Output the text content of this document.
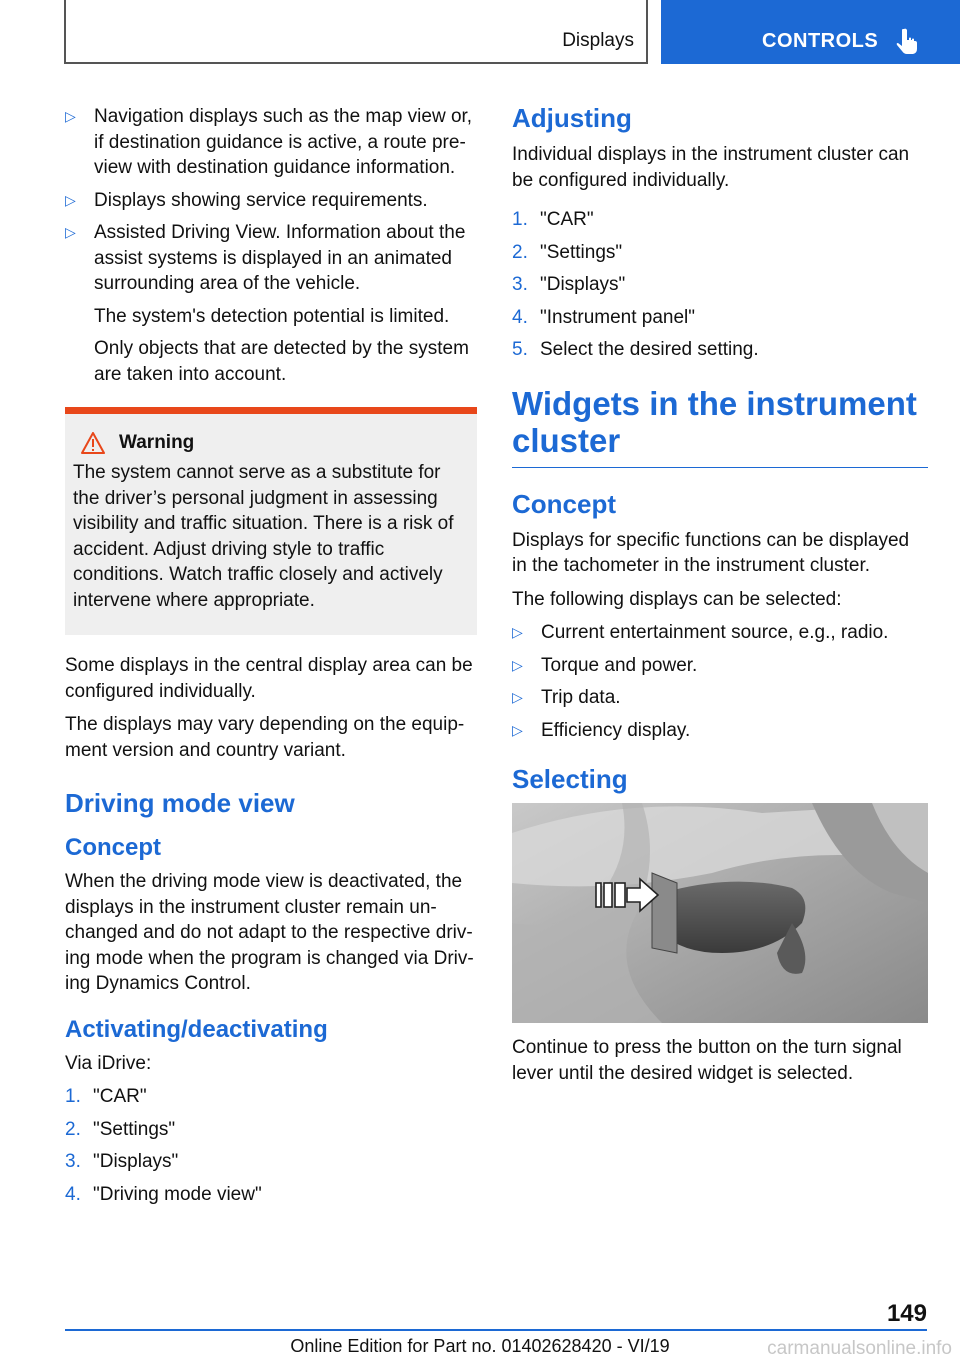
Displays	CONTROLS
▷ Navigation displays such as the map view or, if destination guidance is active, a route preview with destination guidance information.
▷ Displays showing service requirements.
▷ Assisted Driving View. Information about the assist systems is displayed in an animated surrounding area of the vehicle.
The system's detection potential is limited.
Only objects that are detected by the system are taken into account.
Warning
The system cannot serve as a substitute for the driver’s personal judgment in assessing visibility and traffic situation. There is a risk of accident. Adjust driving style to traffic conditions. Watch traffic closely and actively intervene where appropriate.

Some displays in the central display area can be configured individually.

The displays may vary depending on the equipment version and country variant.

Driving mode view
Concept

When the driving mode view is deactivated, the displays in the instrument cluster remain unchanged and do not adapt to the respective driving mode when the program is changed via Driving Dynamics Control.

Activating/deactivating

Via iDrive:

1. "CAR"
2. "Settings"
3. "Displays"
4. "Driving mode view"
Adjusting

Individual displays in the instrument cluster can be configured individually.

1. "CAR"
2. "Settings"
3. "Displays"
4. "Instrument panel"
5. Select the desired setting.
Widgets in the instrument cluster
Concept

Displays for specific functions can be displayed in the tachometer in the instrument cluster.

The following displays can be selected:

▷ Current entertainment source, e.g., radio.
▷ Torque and power.
▷ Trip data.
▷ Efficiency display.
Selecting

Continue to press the button on the turn signal lever until the desired widget is selected.

149
Online Edition for Part no. 01402628420 - VI/19	carmanualsonline.info
